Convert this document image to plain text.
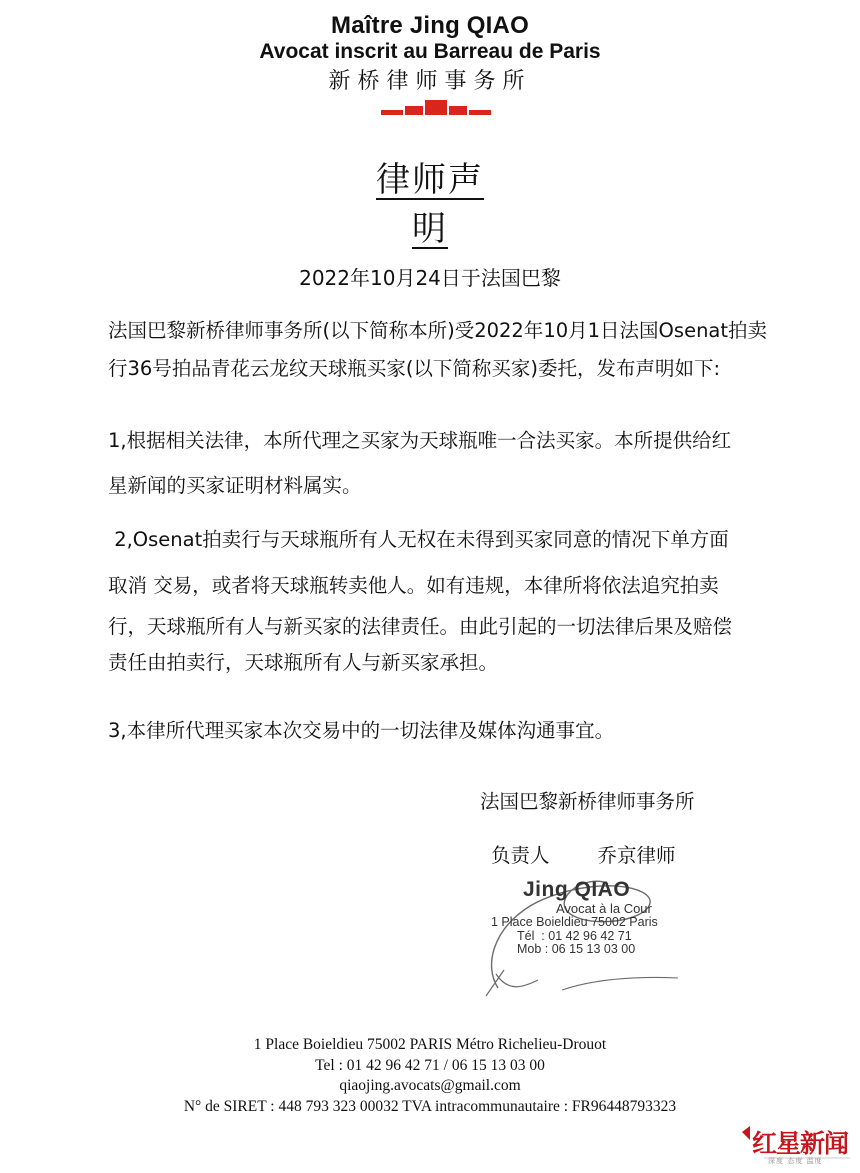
Maître Jing QIAO
Avocat inscrit au Barreau de Paris
新桥律师事务所
律师声明
2022年10月24日于法国巴黎
法国巴黎新桥律师事务所(以下简称本所)受2022年10月1日法国Osenat拍卖
行36号拍品青花云龙纹天球瓶买家(以下简称买家)委托，发布声明如下:
1,根据相关法律，本所代理之买家为天球瓶唯一合法买家。本所提供给红
星新闻的买家证明材料属实。
2,Osenat拍卖行与天球瓶所有人无权在未得到买家同意的情况下单方面
取消 交易，或者将天球瓶转卖他人。如有违规，本律所将依法追究拍卖
行，天球瓶所有人与新买家的法律责任。由此引起的一切法律后果及赔偿
责任由拍卖行，天球瓶所有人与新买家承担。
3,本律所代理买家本次交易中的一切法律及媒体沟通事宜。
法国巴黎新桥律师事务所
负责人 乔京律师
Jing QIAO
Avocat à la Cour
1 Place Boieldieu 75002 Paris
Tél  : 01 42 96 42 71
Mob : 06 15 13 03 00
1 Place Boieldieu 75002 PARIS Métro Richelieu-Drouot
Tel : 01 42 96 42 71 / 06 15 13 03 00
qiaojing.avocats@gmail.com
N° de SIRET : 448 793 323 00032 TVA intracommunautaire : FR96448793323
红星新闻
深度 态度 温度
